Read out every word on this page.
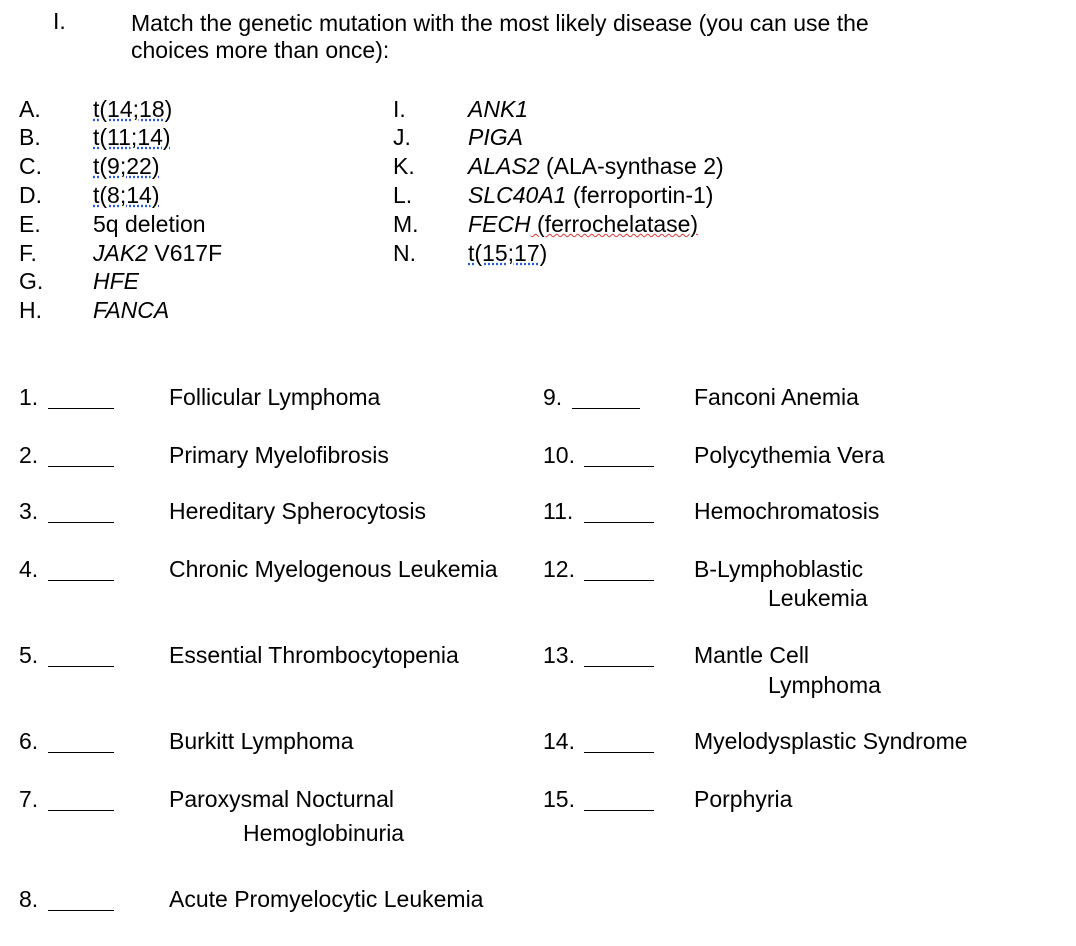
I.	Match the genetic mutation with the most likely disease (you can use the
choices more than once):
A. t(14;18)
B. t(11;14)
C. t(9;22)
D. t(8;14)
E. 5q deletion
F. JAK2 V617F
G. HFE
H. FANCA
I.	ANK1
J. PIGA
K. ALAS2 (ALA-synthase 2)
L. SLC40A1 (ferroportin-1)
M. FECH (ferrochelatase)
N. t(15;17)
1.	Follicular Lymphoma
2.	Primary Myelofibrosis
3.	Hereditary Spherocytosis
4.	Chronic Myelogenous Leukemia
5.	Essential Thrombocytopenia
6.	Burkitt Lymphoma
7.	Paroxysmal Nocturnal
Hemoglobinuria
8.	Acute Promyelocytic Leukemia
9.	Fanconi Anemia
10.	Polycythemia Vera
11.	Hemochromatosis
12.	B-Lymphoblastic
Leukemia
13.	Mantle Cell
Lymphoma
14.	Myelodysplastic Syndrome
15.	Porphyria
